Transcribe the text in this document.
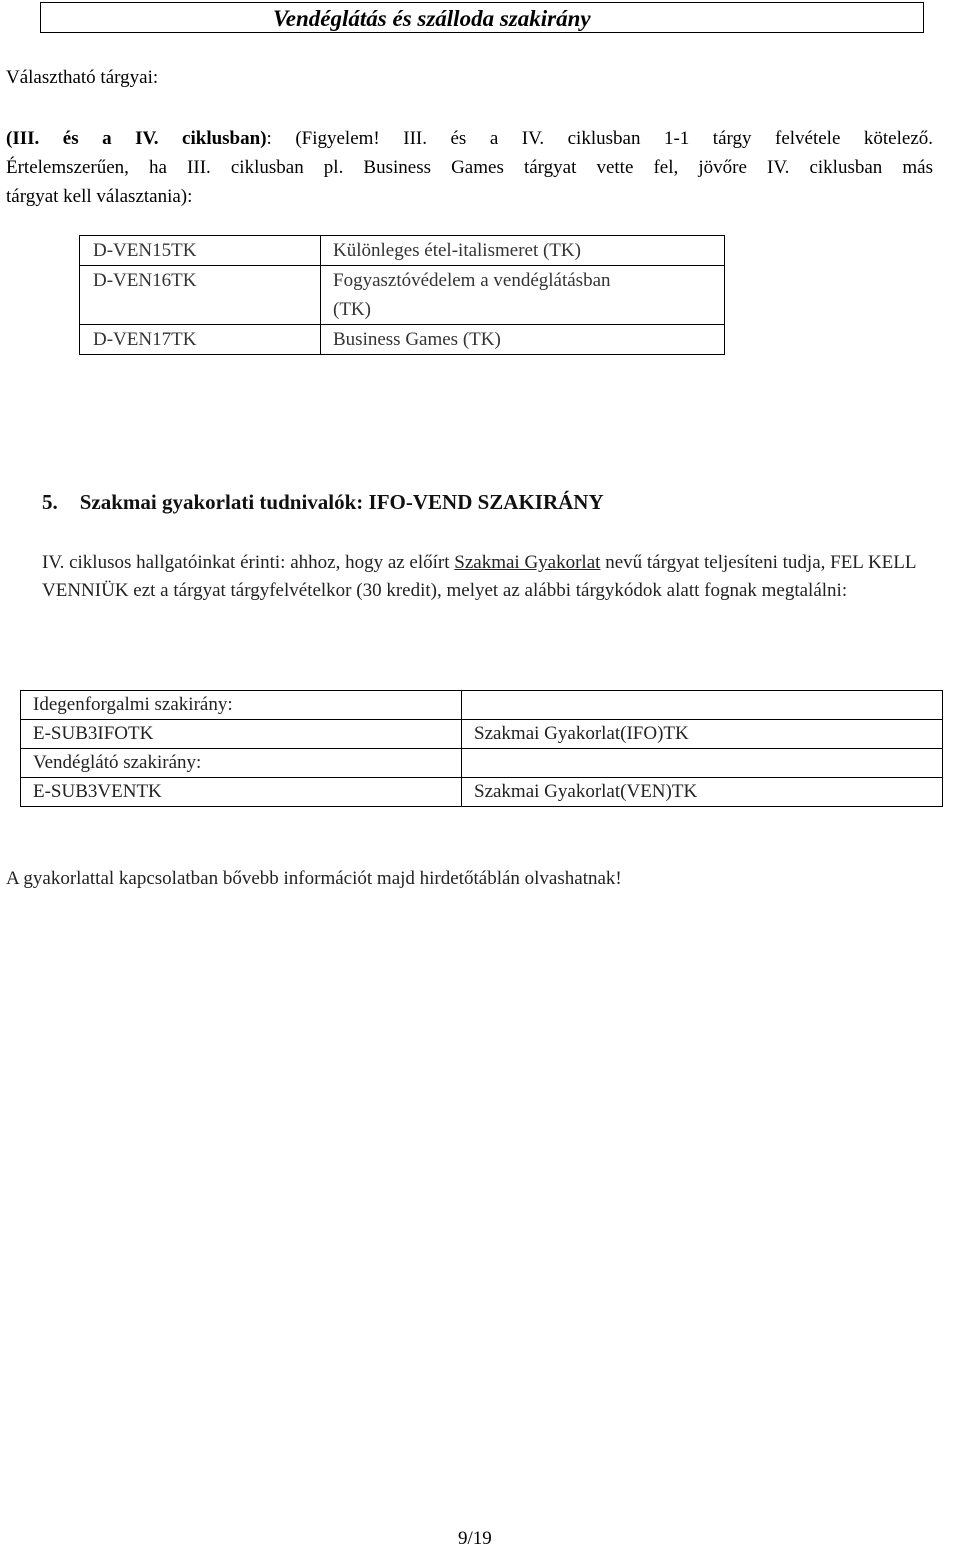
Vendéglátás és szálloda szakirány
Választható tárgyai:
(III. és a IV. ciklusban): (Figyelem! III. és a IV. ciklusban 1-1 tárgy felvétele kötelező.
Értelemszerűen, ha III. ciklusban pl. Business Games tárgyat vette fel, jövőre IV. ciklusban más
tárgyat kell választania):
D-VEN15TK	Különleges étel-italismeret (TK)
D-VEN16TK	Fogyasztóvédelem a vendéglátásban
(TK)

D-VEN17TK	Business Games (TK)
5. Szakmai gyakorlati tudnivalók: IFO-VEND SZAKIRÁNY
IV. ciklusos hallgatóinkat érinti: ahhoz, hogy az előírt Szakmai Gyakorlat nevű tárgyat teljesíteni tudja, FEL KELL VENNIÜK ezt a tárgyat tárgyfelvételkor (30 kredit), melyet az alábbi tárgykódok alatt fognak megtalálni:
Idegenforgalmi szakirány:	
E-SUB3IFOTK	Szakmai Gyakorlat(IFO)TK
Vendéglátó szakirány:	
E-SUB3VENTK	Szakmai Gyakorlat(VEN)TK
A gyakorlattal kapcsolatban bővebb információt majd hirdetőtáblán olvashatnak!
9/19
